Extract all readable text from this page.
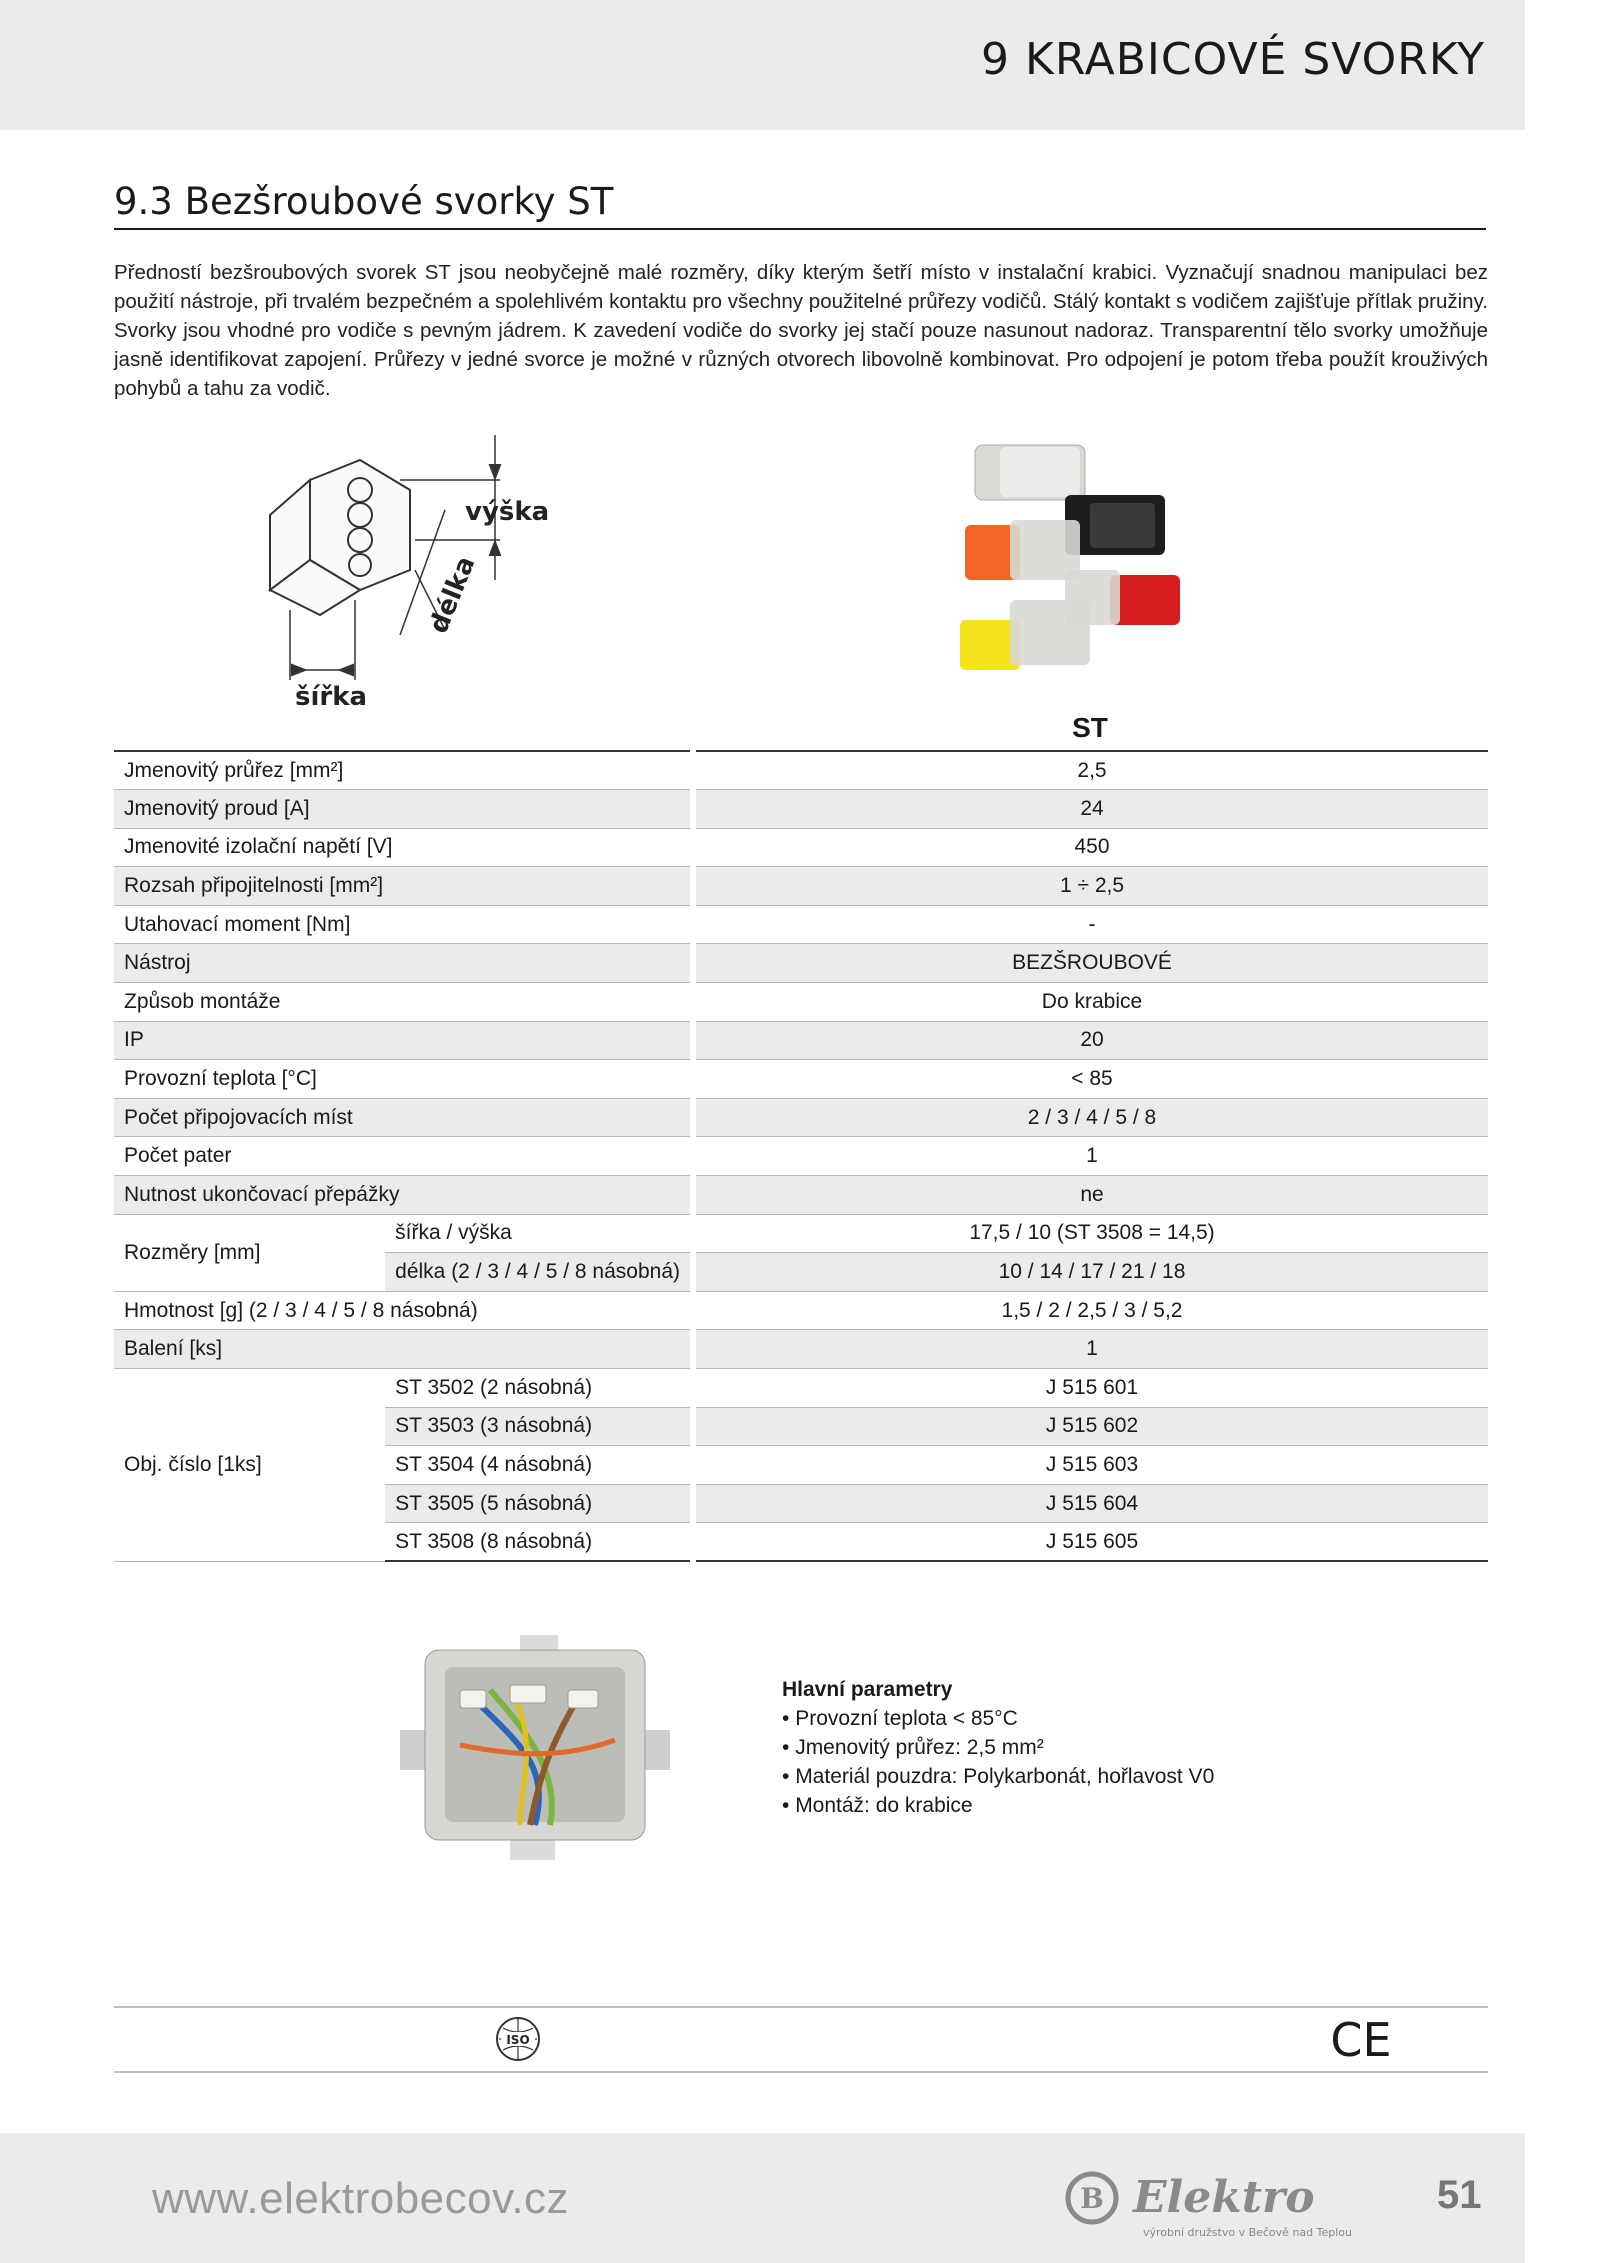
9 KRABICOVÉ SVORKY
9.3 Bezšroubové svorky ST

Předností bezšroubových svorek ST jsou neobyčejně malé rozměry, díky kterým šetří místo v instalační krabici. Vyznačují snadnou manipulaci bez použití nástroje, při trvalém bezpečném a spolehlivém kontaktu pro všechny použitelné průřezy vodičů. Stálý kontakt s vodičem zajišťuje přítlak pružiny. Svorky jsou vhodné pro vodiče s pevným jádrem. K zavedení vodiče do svorky jej stačí pouze nasunout nadoraz. Transparentní tělo svorky umožňuje jasně identifikovat zapojení. Průřezy v jedné svorce je možné v různých otvorech libovolně kombinovat. Pro odpojení je potom třeba použít krouživých pohybů a tahu za vodič.

výška
délka
šířka
ST
Jmenovitý průřez [mm²]		2,5
Jmenovitý proud [A]		24
Jmenovité izolační napětí [V]		450
Rozsah připojitelnosti [mm²]		1 ÷ 2,5
Utahovací moment [Nm]		-
Nástroj		BEZŠROUBOVÉ
Způsob montáže		Do krabice
IP		20
Provozní teplota [°C]		< 85
Počet připojovacích míst		2 / 3 / 4 / 5 / 8
Počet pater		1
Nutnost ukončovací přepážky		ne
Rozměry [mm]	šířka / výška	17,5 / 10 (ST 3508 = 14,5)
	délka (2 / 3 / 4 / 5 / 8 násobná)	10 / 14 / 17 / 21 / 18
Hmotnost [g] (2 / 3 / 4 / 5 / 8 násobná)		1,5 / 2 / 2,5 / 3 / 5,2
Balení [ks]		1
Obj. číslo [1ks]	ST 3502 (2 násobná)	J 515 601
	ST 3503 (3 násobná)	J 515 602
	ST 3504 (4 násobná)	J 515 603
	ST 3505 (5 násobná)	J 515 604
	ST 3508 (8 násobná)	J 515 605
Hlavní parametry
• Provozní teplota < 85°C
• Jmenovitý průřez: 2,5 mm²
• Materiál pouzdra: Polykarbonát, hořlavost V0
• Montáž: do krabice
ISO	CE
www.elektrobecov.cz	B Elektro
výrobní družstvo v Bečově nad Teplou
51
